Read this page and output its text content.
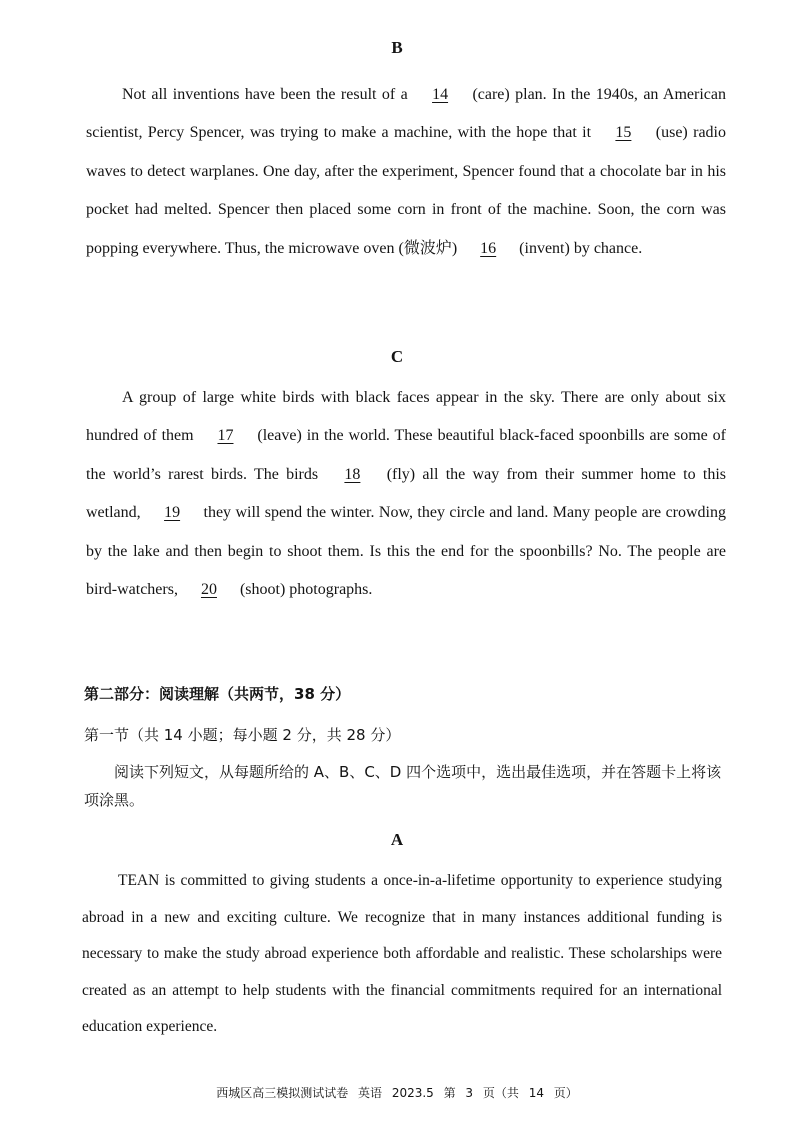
B

Not all inventions have been the result of a 14 (care) plan. In the 1940s, an American scientist, Percy Spencer, was trying to make a machine, with the hope that it 15 (use) radio waves to detect warplanes. One day, after the experiment, Spencer found that a chocolate bar in his pocket had melted. Spencer then placed some corn in front of the machine. Soon, the corn was popping everywhere. Thus, the microwave oven (微波炉) 16 (invent) by chance.

C

A group of large white birds with black faces appear in the sky. There are only about six hundred of them 17 (leave) in the world. These beautiful black-faced spoonbills are some of the world’s rarest birds. The birds 18 (fly) all the way from their summer home to this wetland, 19 they will spend the winter. Now, they circle and land. Many people are crowding by the lake and then begin to shoot them. Is this the end for the spoonbills? No. The people are bird-watchers, 20 (shoot) photographs.

第二部分：阅读理解（共两节，38 分）
第一节（共 14 小题；每小题 2 分，共 28 分）
阅读下列短文，从每题所给的 A、B、C、D 四个选项中，选出最佳选项，并在答题卡上将该项涂黑。
A

TEAN is committed to giving students a once-in-a-lifetime opportunity to experience studying abroad in a new and exciting culture. We recognize that in many instances additional funding is necessary to make the study abroad experience both affordable and realistic. These scholarships were created as an attempt to help students with the financial commitments required for an international education experience.

西城区高三模拟测试试卷 英语 2023.5 第 3 页（共 14 页）
